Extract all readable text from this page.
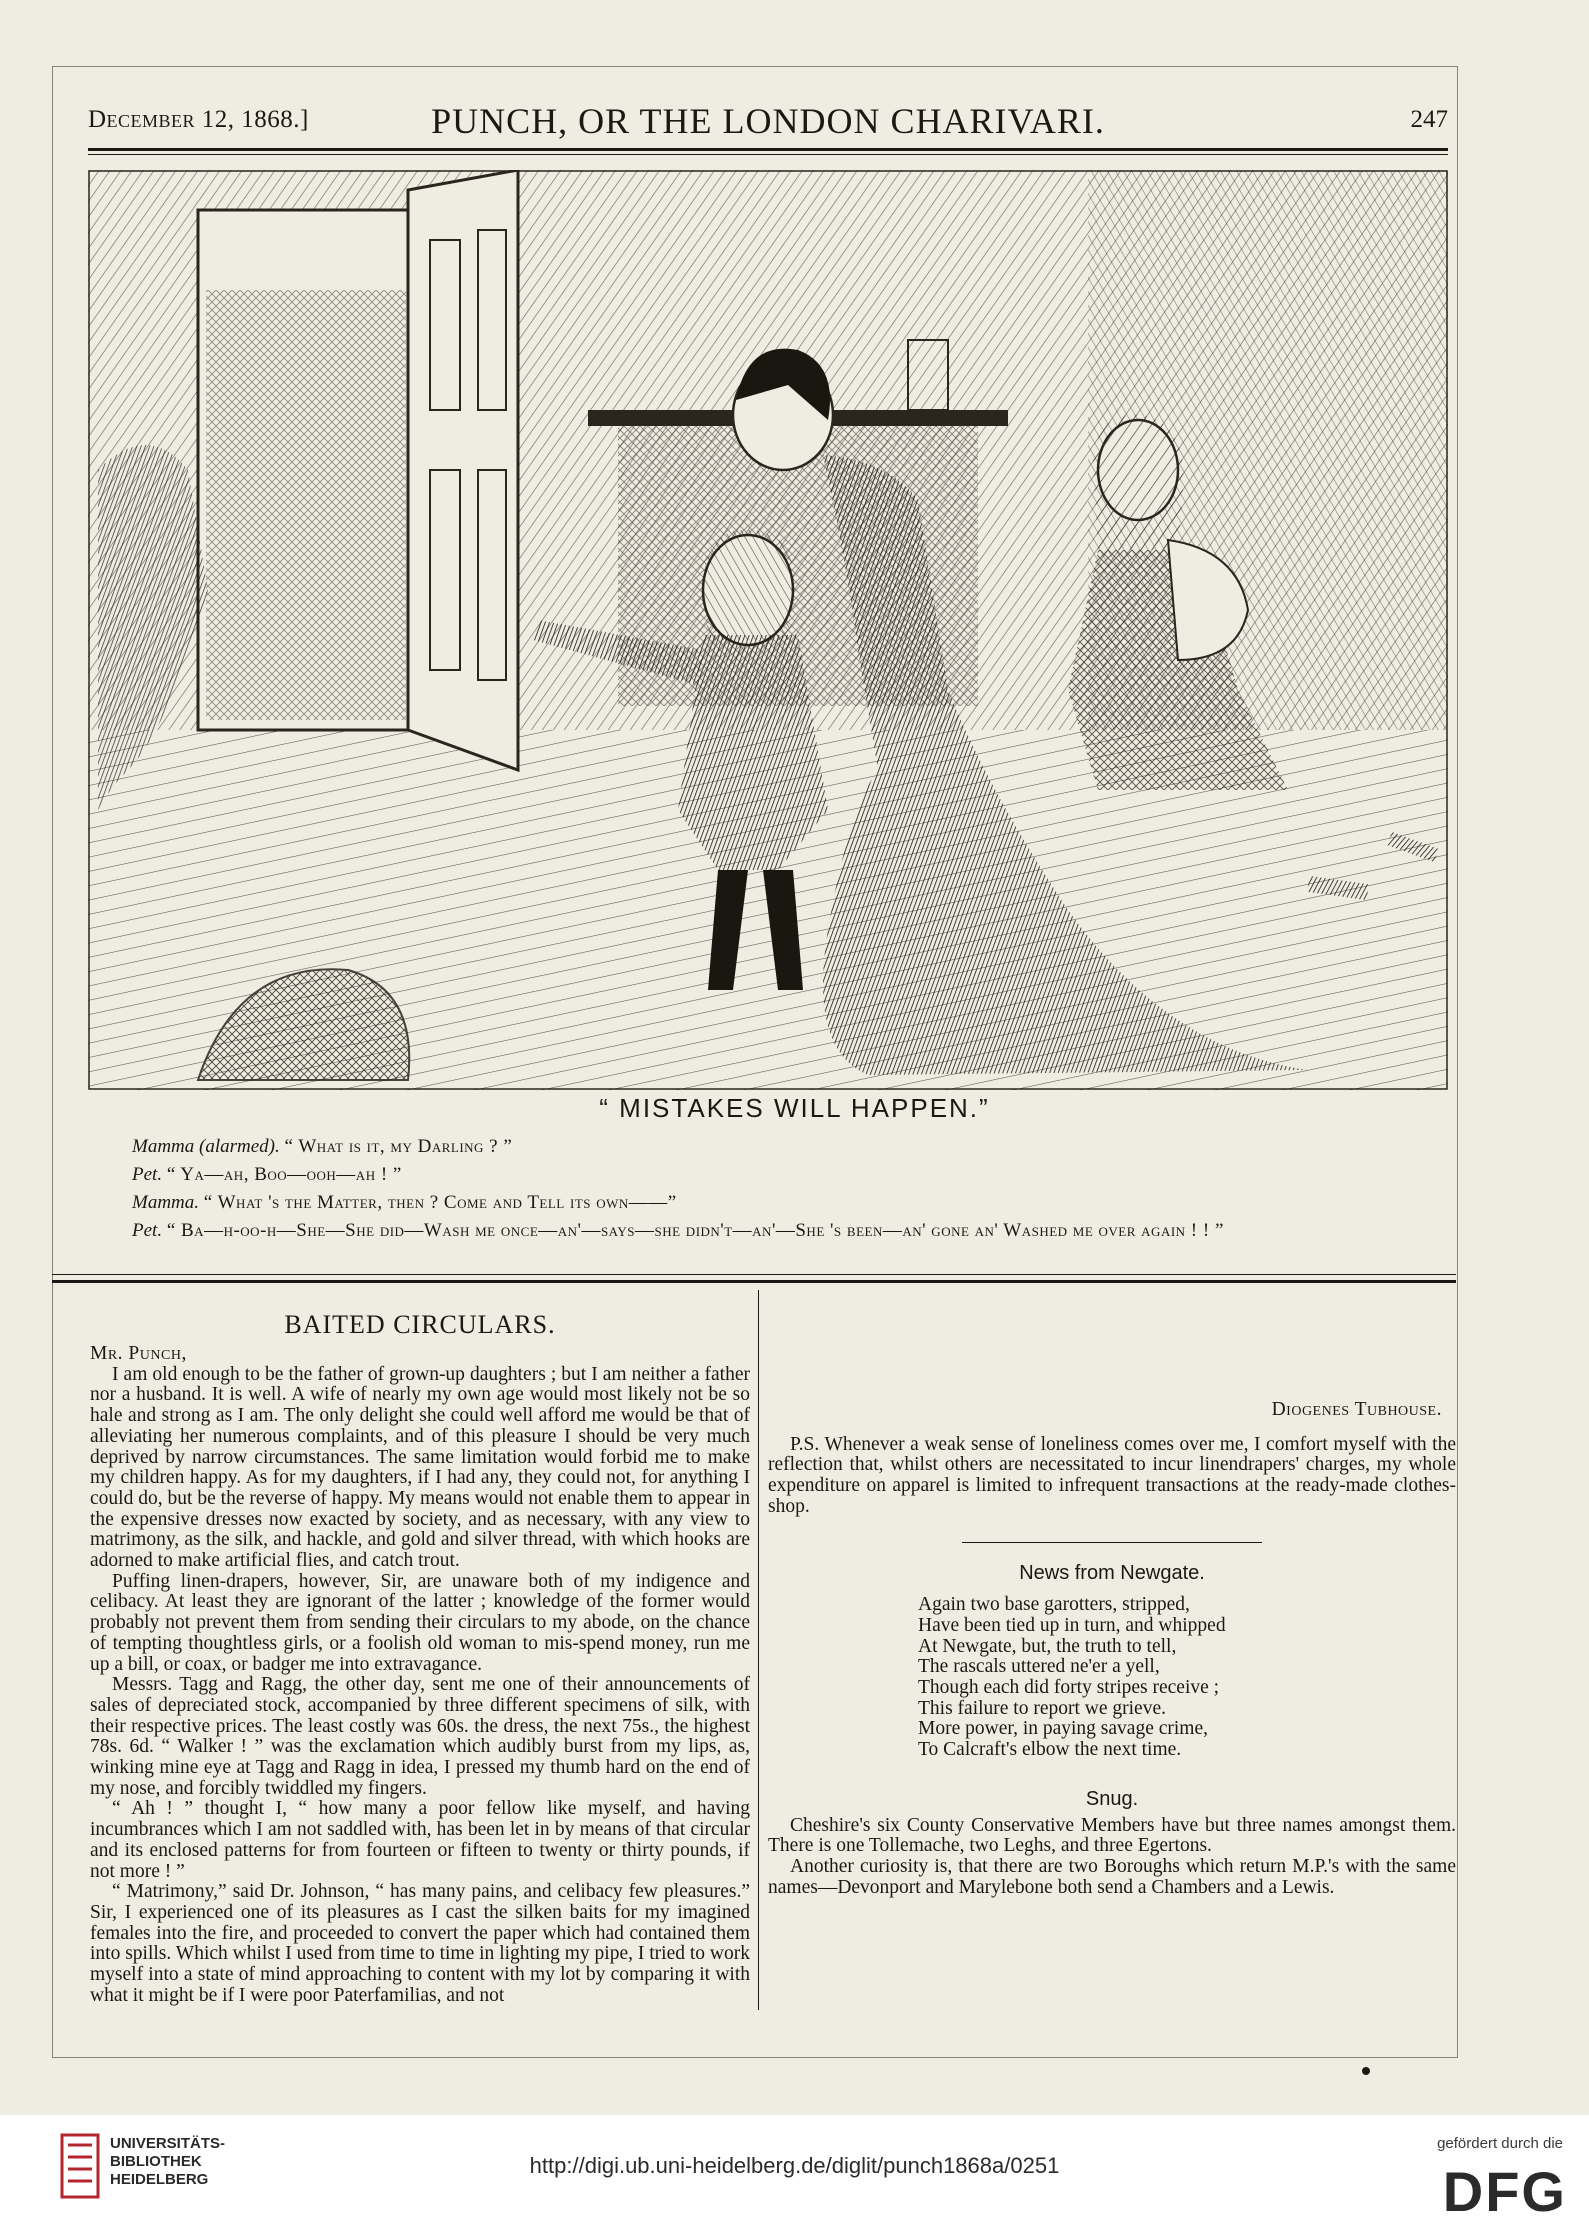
December 12, 1868.]	PUNCH, OR THE LONDON CHARIVARI.	247
“ MISTAKES WILL HAPPEN.”

Mamma (alarmed). “ What is it, my Darling ? ”

Pet. “ Ya—ah, Boo—ooh—ah ! ”

Mamma. “ What 's the Matter, then ? Come and Tell its own——”

Pet. “ Ba—h-oo-h—She—She did—Wash me once—an'—says—she didn't—an'—She 's been—an' gone an' Washed me over again ! ! ”

BAITED CIRCULARS.

Mr. Punch,

I am old enough to be the father of grown-up daughters ; but I am neither a father nor a husband. It is well. A wife of nearly my own age would most likely not be so hale and strong as I am. The only delight she could well afford me would be that of alleviating her numerous complaints, and of this pleasure I should be very much deprived by narrow circumstances. The same limitation would forbid me to make my children happy. As for my daughters, if I had any, they could not, for anything I could do, but be the reverse of happy. My means would not enable them to appear in the expensive dresses now exacted by society, and as necessary, with any view to matrimony, as the silk, and hackle, and gold and silver thread, with which hooks are adorned to make artificial flies, and catch trout.

Puffing linen-drapers, however, Sir, are unaware both of my indigence and celibacy. At least they are ignorant of the latter ; knowledge of the former would probably not prevent them from sending their circulars to my abode, on the chance of tempting thoughtless girls, or a foolish old woman to mis-spend money, run me up a bill, or coax, or badger me into extravagance.

Messrs. Tagg and Ragg, the other day, sent me one of their announcements of sales of depreciated stock, accompanied by three different specimens of silk, with their respective prices. The least costly was 60s. the dress, the next 75s., the highest 78s. 6d. “ Walker ! ” was the exclamation which audibly burst from my lips, as, winking mine eye at Tagg and Ragg in idea, I pressed my thumb hard on the end of my nose, and forcibly twiddled my fingers.

“ Ah ! ” thought I, “ how many a poor fellow like myself, and having incumbrances which I am not saddled with, has been let in by means of that circular and its enclosed patterns for from fourteen or fifteen to twenty or thirty pounds, if not more ! ”

“ Matrimony,” said Dr. Johnson, “ has many pains, and celibacy few pleasures.” Sir, I experienced one of its pleasures as I cast the silken baits for my imagined females into the fire, and proceeded to convert the paper which had contained them into spills. Which whilst I used from time to time in lighting my pipe, I tried to work myself into a state of mind approaching to content with my lot by comparing it with what it might be if I were poor Paterfamilias, and not

Diogenes Tubhouse.

P.S. Whenever a weak sense of loneliness comes over me, I comfort myself with the reflection that, whilst others are necessitated to incur linendrapers' charges, my whole expenditure on apparel is limited to infrequent transactions at the ready-made clothes-shop.

News from Newgate.

Again two base garotters, stripped,

Have been tied up in turn, and whipped

At Newgate, but, the truth to tell,

The rascals uttered ne'er a yell,

Though each did forty stripes receive ;

This failure to report we grieve.

More power, in paying savage crime,

To Calcraft's elbow the next time.

Snug.

Cheshire's six County Conservative Members have but three names amongst them. There is one Tollemache, two Leghs, and three Egertons.

Another curiosity is, that there are two Boroughs which return M.P.'s with the same names—Devonport and Marylebone both send a Chambers and a Lewis.

UNIVERSITÄTS-
BIBLIOTHEK
HEIDELBERG
http://digi.ub.uni-heidelberg.de/diglit/punch1868a/0251
gefördert durch die
DFG
